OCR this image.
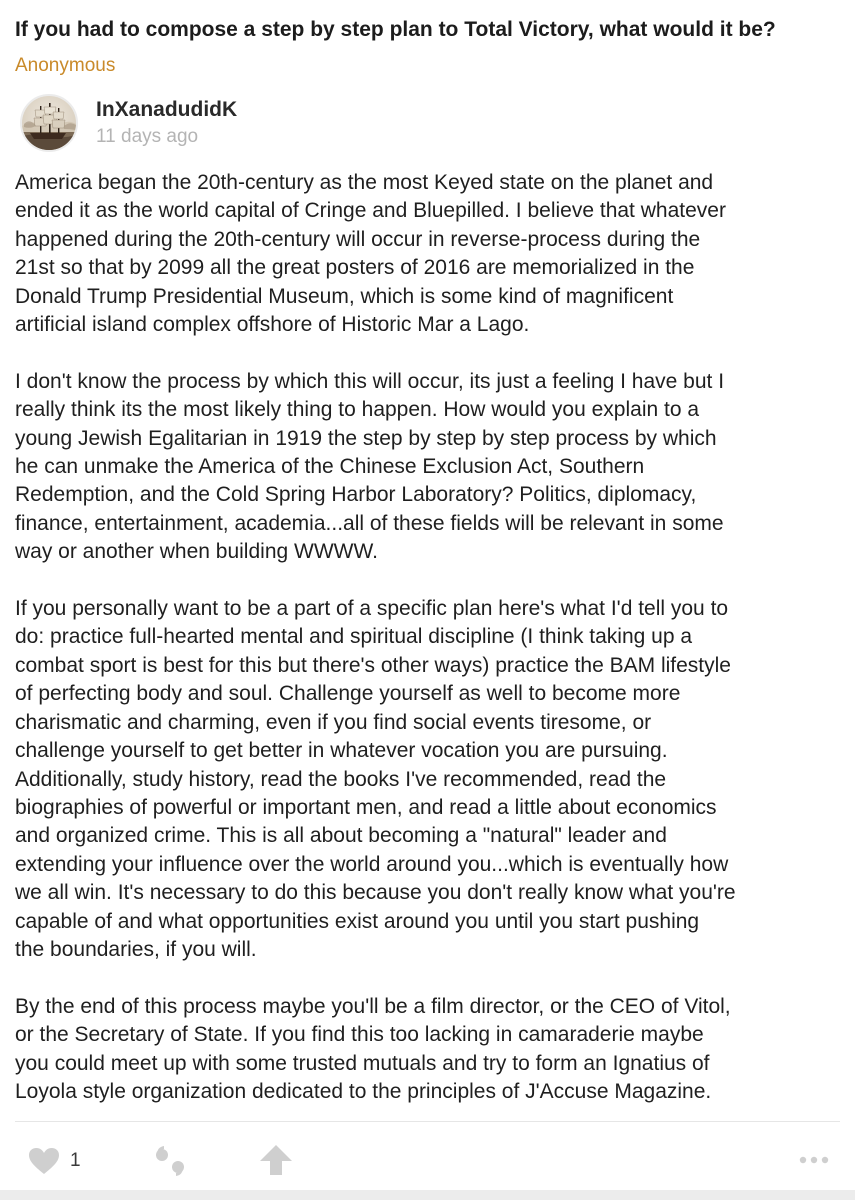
If you had to compose a step by step plan to Total Victory, what would it be?
Anonymous
InXanadudidK
11 days ago

America began the 20th-century as the most Keyed state on the planet and
ended it as the world capital of Cringe and Bluepilled. I believe that whatever
happened during the 20th-century will occur in reverse-process during the
21st so that by 2099 all the great posters of 2016 are memorialized in the
Donald Trump Presidential Museum, which is some kind of magnificent
artificial island complex offshore of Historic Mar a Lago.

I don't know the process by which this will occur, its just a feeling I have but I
really think its the most likely thing to happen. How would you explain to a
young Jewish Egalitarian in 1919 the step by step by step process by which
he can unmake the America of the Chinese Exclusion Act, Southern
Redemption, and the Cold Spring Harbor Laboratory? Politics, diplomacy,
finance, entertainment, academia...all of these fields will be relevant in some
way or another when building WWWW.

If you personally want to be a part of a specific plan here's what I'd tell you to
do: practice full-hearted mental and spiritual discipline (I think taking up a
combat sport is best for this but there's other ways) practice the BAM lifestyle
of perfecting body and soul. Challenge yourself as well to become more
charismatic and charming, even if you find social events tiresome, or
challenge yourself to get better in whatever vocation you are pursuing.
Additionally, study history, read the books I've recommended, read the
biographies of powerful or important men, and read a little about economics
and organized crime. This is all about becoming a "natural" leader and
extending your influence over the world around you...which is eventually how
we all win. It's necessary to do this because you don't really know what you're
capable of and what opportunities exist around you until you start pushing
the boundaries, if you will.

By the end of this process maybe you'll be a film director, or the CEO of Vitol,
or the Secretary of State. If you find this too lacking in camaraderie maybe
you could meet up with some trusted mutuals and try to form an Ignatius of
Loyola style organization dedicated to the principles of J'Accuse Magazine.

1
